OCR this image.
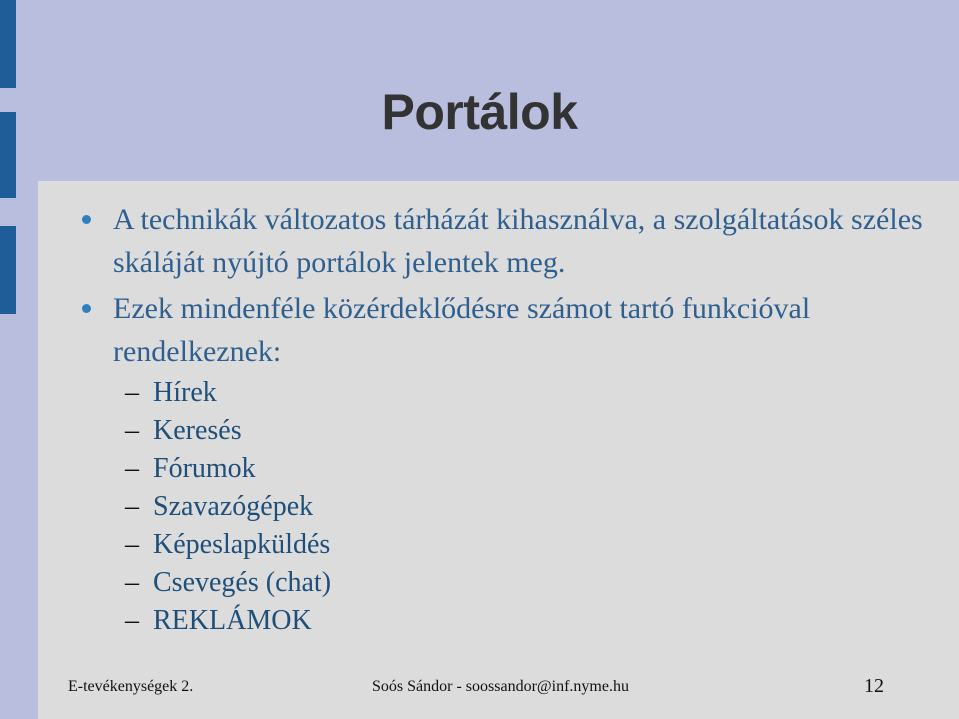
Portálok
A technikák változatos tárházát kihasználva, a szolgáltatások széles skáláját nyújtó portálok jelentek meg.
Ezek mindenféle közérdeklődésre számot tartó funkcióval rendelkeznek:
– Hírek
– Keresés
– Fórumok
– Szavazógépek
– Képeslapküldés
– Csevegés (chat)
– REKLÁMOK
E-tevékenységek 2.	Soós Sándor - soossandor@inf.nyme.hu	12
